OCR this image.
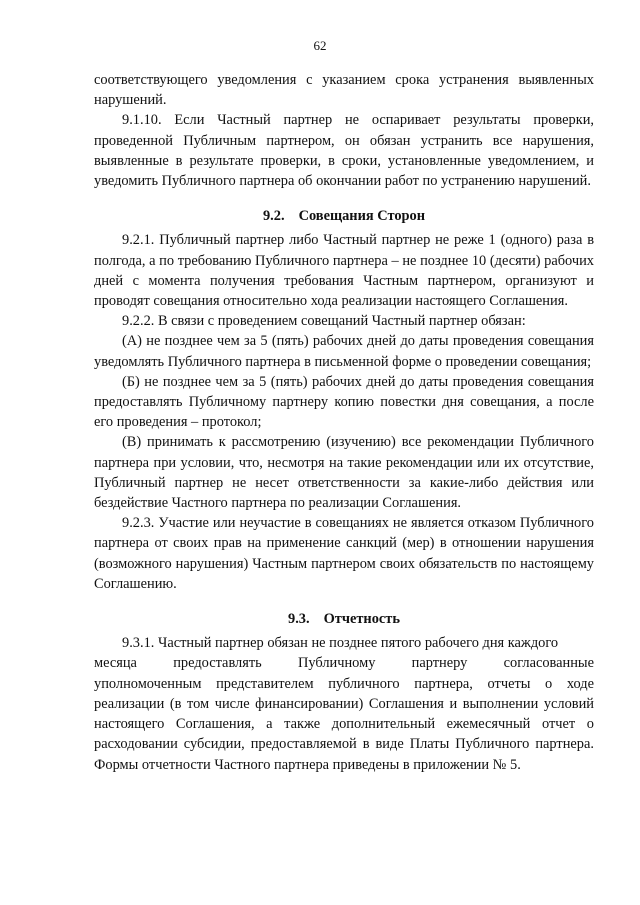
62

соответствующего уведомления с указанием срока устранения выявленных нарушений.

9.1.10. Если Частный партнер не оспаривает результаты проверки, проведенной Публичным партнером, он обязан устранить все нарушения, выявленные в результате проверки, в сроки, установленные уведомлением, и уведомить Публичного партнера об окончании работ по устранению нарушений.

9.2. Совещания Сторон

9.2.1. Публичный партнер либо Частный партнер не реже 1 (одного) раза в полгода, а по требованию Публичного партнера – не позднее 10 (десяти) рабочих дней с момента получения требования Частным партнером, организуют и проводят совещания относительно хода реализации настоящего Соглашения.

9.2.2. В связи с проведением совещаний Частный партнер обязан:

(А) не позднее чем за 5 (пять) рабочих дней до даты проведения совещания уведомлять Публичного партнера в письменной форме о проведении совещания;

(Б) не позднее чем за 5 (пять) рабочих дней до даты проведения совещания предоставлять Публичному партнеру копию повестки дня совещания, а после его проведения – протокол;

(В) принимать к рассмотрению (изучению) все рекомендации Публичного партнера при условии, что, несмотря на такие рекомендации или их отсутствие, Публичный партнер не несет ответственности за какие-либо действия или бездействие Частного партнера по реализации Соглашения.

9.2.3. Участие или неучастие в совещаниях не является отказом Публичного партнера от своих прав на применение санкций (мер) в отношении нарушения (возможного нарушения) Частным партнером своих обязательств по настоящему Соглашению.

9.3. Отчетность

9.3.1. Частный партнер обязан не позднее пятого рабочего дня каждого

месяца предоставлять Публичному партнеру согласованные

уполномоченным представителем публичного партнера, отчеты о ходе реализации (в том числе финансировании) Соглашения и выполнении условий настоящего Соглашения, а также дополнительный ежемесячный отчет о расходовании субсидии, предоставляемой в виде Платы Публичного партнера. Формы отчетности Частного партнера приведены в приложении № 5.
